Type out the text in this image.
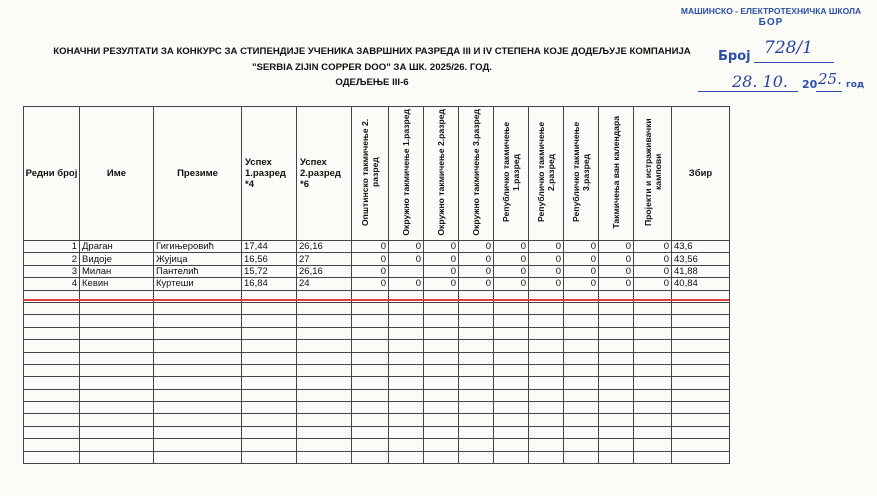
МАШИНСКО - ЕЛЕКТРОТЕХНИЧКА ШКОЛА
БОР
КОНАЧНИ РЕЗУЛТАТИ ЗА КОНКУРС ЗА СТИПЕНДИЈЕ УЧЕНИКА ЗАВРШНИХ РАЗРЕДА III И IV СТЕПЕНА КОЈЕ ДОДЕЉУЈЕ КОМПАНИЈА
"SERBIA ZIJIN COPPER DOO" ЗА ШК. 2025/26. ГОД.
ОДЕЉЕЊЕ III-6
Број 728/1
28. 10. 20 25. год
Редни број	Име	Презиме	Успех 1.разред *4	Успех 2.разред *6	Општинско такмичење 2. разред	Окружно такмичење 1.разред	Окружно такмичење 2.разред	Окружно такмичење 3.разред	Републичко такмичење 1.разред	Републичко такмичење 2.разред	Републичко такмичење 3.разред	Такмичења ван календара	Пројекти и истраживачки кампови	Збир
1	Драган	Гигињеровић	17,44	26,16	0	0	0	0	0	0	0	0	0	43,6
2	Видоје	Жујица	16,56	27	0	0	0	0	0	0	0	0	0	43,56
3	Милан	Пантелић	15,72	26,16	0		0	0	0	0	0	0	0	41,88
4	Кевин	Куртеши	16,84	24	0	0	0	0	0	0	0	0	0	40,84
